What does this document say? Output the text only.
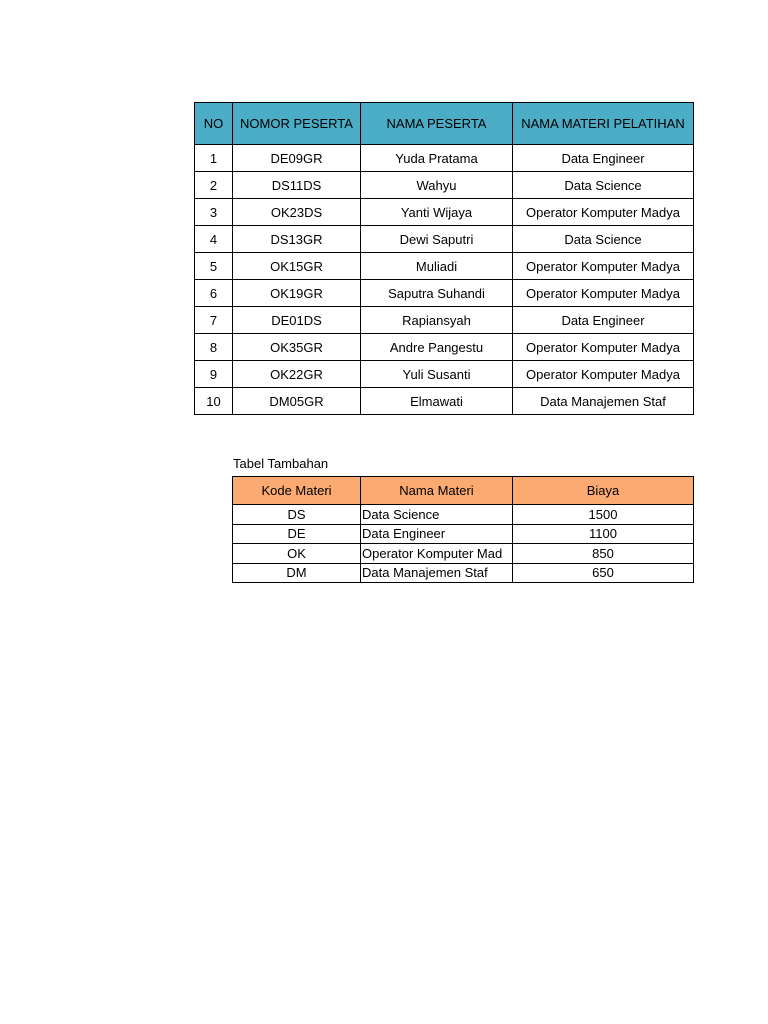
NO	NOMOR PESERTA	NAMA PESERTA	NAMA MATERI PELATIHAN
1	DE09GR	Yuda Pratama	Data Engineer
2	DS11DS	Wahyu	Data Science
3	OK23DS	Yanti Wijaya	Operator Komputer Madya
4	DS13GR	Dewi Saputri	Data Science
5	OK15GR	Muliadi	Operator Komputer Madya
6	OK19GR	Saputra Suhandi	Operator Komputer Madya
7	DE01DS	Rapiansyah	Data Engineer
8	OK35GR	Andre Pangestu	Operator Komputer Madya
9	OK22GR	Yuli Susanti	Operator Komputer Madya
10	DM05GR	Elmawati	Data Manajemen Staf
Tabel Tambahan
Kode Materi	Nama Materi	Biaya
DS	Data Science	1500
DE	Data Engineer	1100
OK	Operator Komputer Mad	850
DM	Data Manajemen Staf	650
